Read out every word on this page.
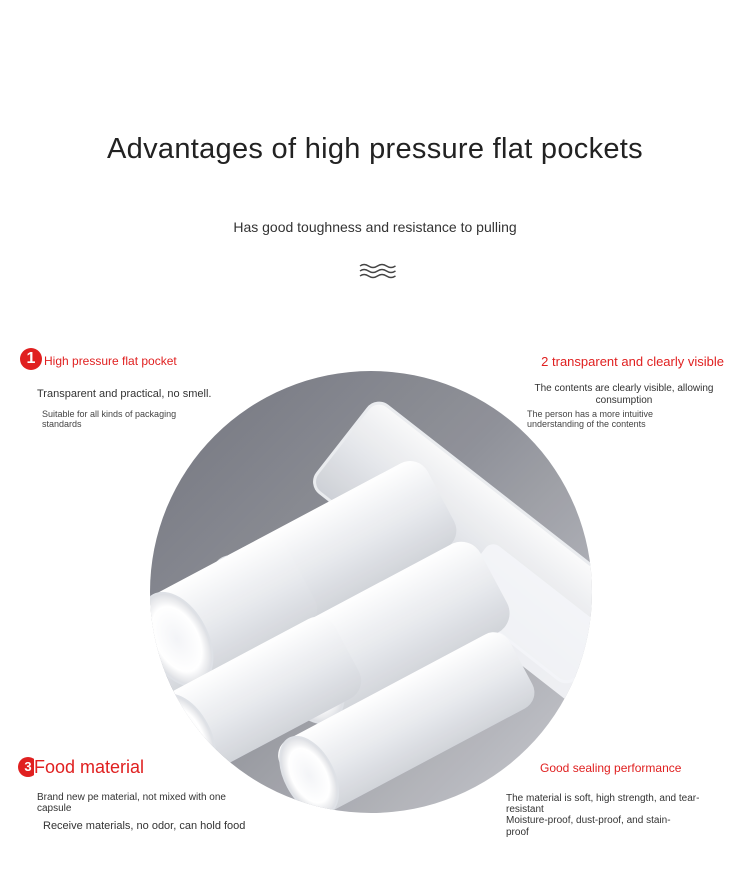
Advantages of high pressure flat pockets
Has good toughness and resistance to pulling
1 High pressure flat pocket
Transparent and practical, no smell.
Suitable for all kinds of packaging standards
2 transparent and clearly visible
The contents are clearly visible, allowing consumption
The person has a more intuitive understanding of the contents
3 Food material
Brand new pe material, not mixed with one capsule
Receive materials, no odor, can hold food
Good sealing performance
The material is soft, high strength, and tear-resistant
Moisture-proof, dust-proof, and stain-proof
